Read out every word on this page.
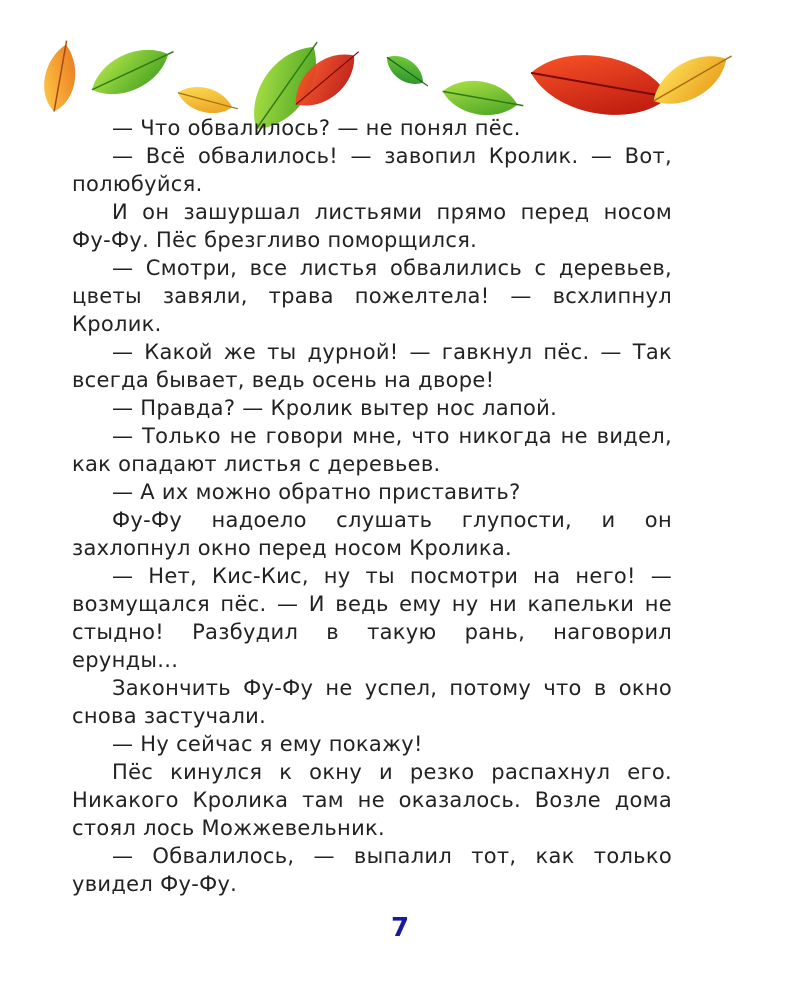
— Что обвалилось? — не понял пёс.

— Всё обвалилось! — завопил Кролик. — Вот, полюбуйся.

И он зашуршал листьями прямо перед носом Фу-Фу. Пёс брезгливо поморщился.

— Смотри, все листья обвалились с деревьев, цветы завяли, трава пожелтела! — всхлипнул Кролик.

— Какой же ты дурной! — гавкнул пёс. — Так всегда бывает, ведь осень на дворе!

— Правда? — Кролик вытер нос лапой.

— Только не говори мне, что никогда не видел, как опадают листья с деревьев.

— А их можно обратно приставить?

Фу-Фу надоело слушать глупости, и он захлопнул окно перед носом Кролика.

— Нет, Кис-Кис, ну ты посмотри на него! — возмущался пёс. — И ведь ему ну ни капельки не стыдно! Разбудил в такую рань, наговорил ерунды...

Закончить Фу-Фу не успел, потому что в окно снова застучали.

— Ну сейчас я ему покажу!

Пёс кинулся к окну и резко распахнул его. Никакого Кролика там не оказалось. Возле дома стоял лось Можжевельник.

— Обвалилось, — выпалил тот, как только увидел Фу-Фу.

7
